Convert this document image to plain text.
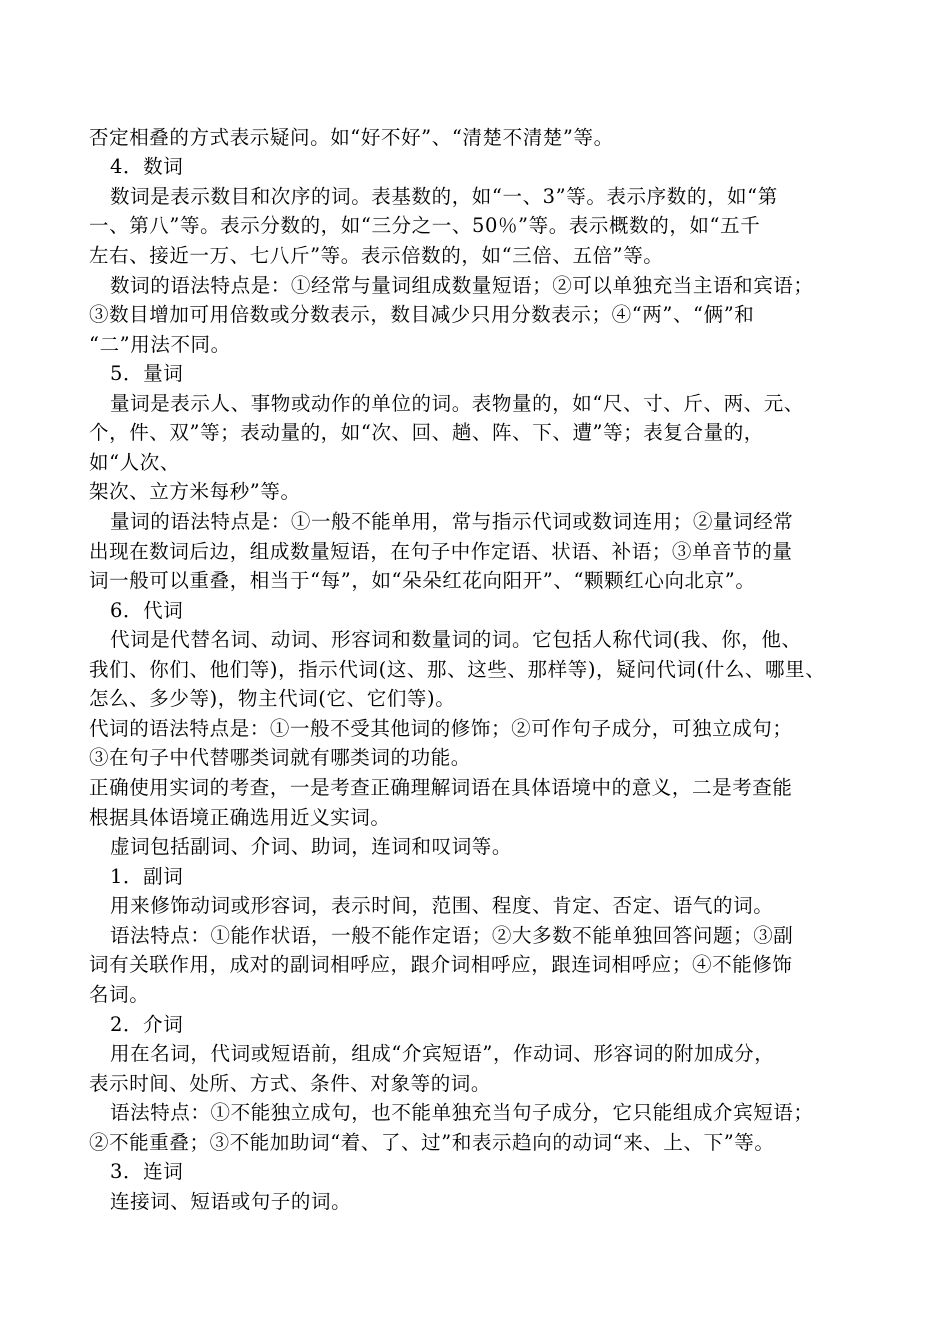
否定相叠的方式表示疑问。如“好不好”、“清楚不清楚”等。
4．数词
数词是表示数目和次序的词。表基数的，如“一、3”等。表示序数的，如“第
一、第八”等。表示分数的，如“三分之一、50％”等。表示概数的，如“五千
左右、接近一万、七八斤”等。表示倍数的，如“三倍、五倍”等。
数词的语法特点是：①经常与量词组成数量短语；②可以单独充当主语和宾语；
③数目增加可用倍数或分数表示，数目减少只用分数表示；④“两”、“俩”和
“二”用法不同。
5．量词
量词是表示人、事物或动作的单位的词。表物量的，如“尺、寸、斤、两、元、
个，件、双”等；表动量的，如“次、回、趟、阵、下、遭”等；表复合量的，
如“人次、
架次、立方米每秒”等。
量词的语法特点是：①一般不能单用，常与指示代词或数词连用；②量词经常
出现在数词后边，组成数量短语，在句子中作定语、状语、补语；③单音节的量
词一般可以重叠，相当于“每”，如“朵朵红花向阳开”、“颗颗红心向北京”。
6．代词
代词是代替名词、动词、形容词和数量词的词。它包括人称代词(我、你，他、
我们、你们、他们等)，指示代词(这、那、这些、那样等)，疑问代词(什么、哪里、
怎么、多少等)，物主代词(它、它们等)。
代词的语法特点是：①一般不受其他词的修饰；②可作句子成分，可独立成句；
③在句子中代替哪类词就有哪类词的功能。
正确使用实词的考查，一是考查正确理解词语在具体语境中的意义，二是考查能
根据具体语境正确选用近义实词。
虚词包括副词、介词、助词，连词和叹词等。
1．副词
用来修饰动词或形容词，表示时间，范围、程度、肯定、否定、语气的词。
语法特点：①能作状语，一般不能作定语；②大多数不能单独回答问题；③副
词有关联作用，成对的副词相呼应，跟介词相呼应，跟连词相呼应；④不能修饰
名词。
2．介词
用在名词，代词或短语前，组成“介宾短语”，作动词、形容词的附加成分，
表示时间、处所、方式、条件、对象等的词。
语法特点：①不能独立成句，也不能单独充当句子成分，它只能组成介宾短语；
②不能重叠；③不能加助词“着、了、过”和表示趋向的动词“来、上、下”等。
3．连词
连接词、短语或句子的词。
